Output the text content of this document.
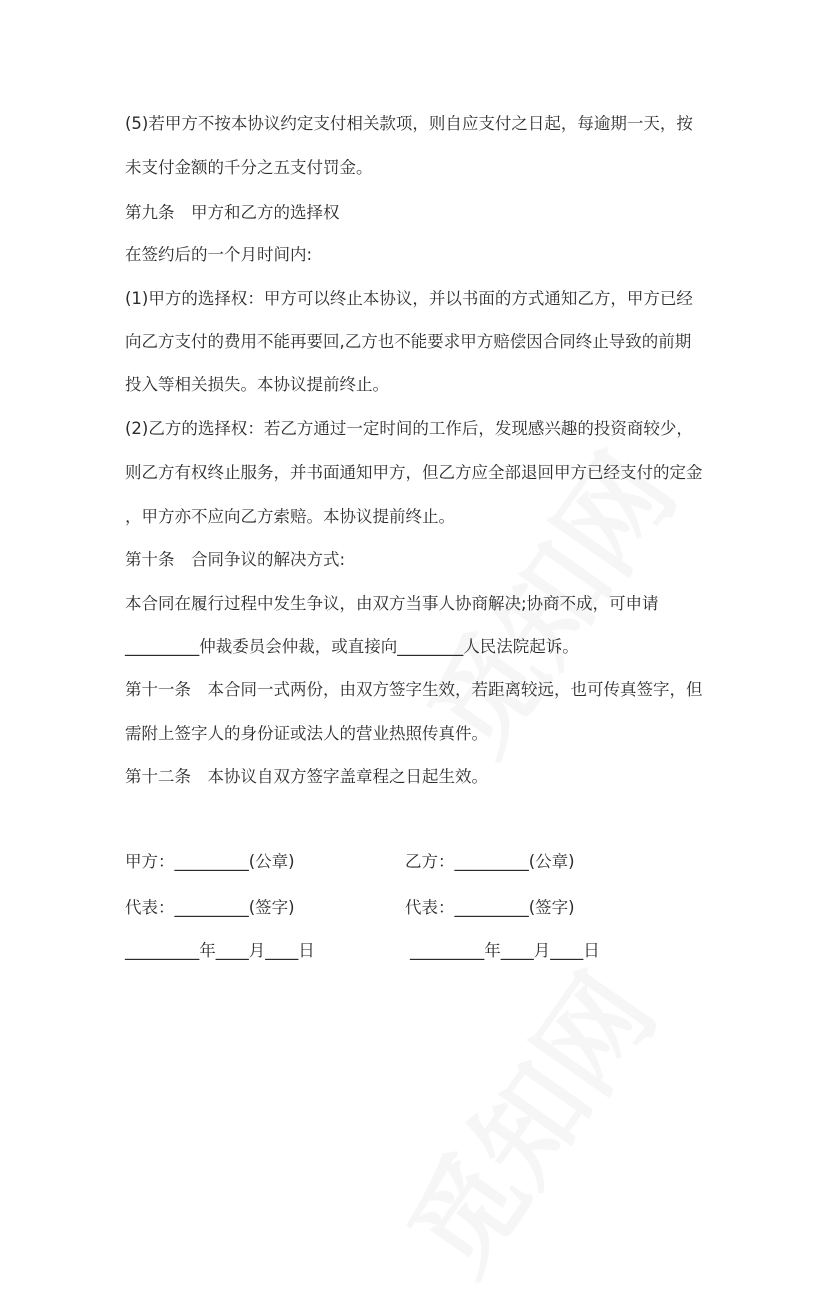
(5)若甲方不按本协议约定支付相关款项，则自应支付之日起，每逾期一天，按
未支付金额的千分之五支付罚金。
第九条　甲方和乙方的选择权
在签约后的一个月时间内:
(1)甲方的选择权：甲方可以终止本协议，并以书面的方式通知乙方，甲方已经
向乙方支付的费用不能再要回,乙方也不能要求甲方赔偿因合同终止导致的前期
投入等相关损失。本协议提前终止。
(2)乙方的选择权：若乙方通过一定时间的工作后，发现感兴趣的投资商较少，
则乙方有权终止服务，并书面通知甲方，但乙方应全部退回甲方已经支付的定金
，甲方亦不应向乙方索赔。本协议提前终止。
第十条　合同争议的解决方式:
本合同在履行过程中发生争议，由双方当事人协商解决;协商不成，可申请
_________仲裁委员会仲裁，或直接向________人民法院起诉。
第十一条　本合同一式两份，由双方签字生效，若距离较远，也可传真签字，但
需附上签字人的身份证或法人的营业热照传真件。
第十二条　本协议自双方签字盖章程之日起生效。
甲方：_________(公章)	乙方：_________(公章)
代表：_________(签字)	代表：_________(签字)
_________年____月____日	_________年____月____日
